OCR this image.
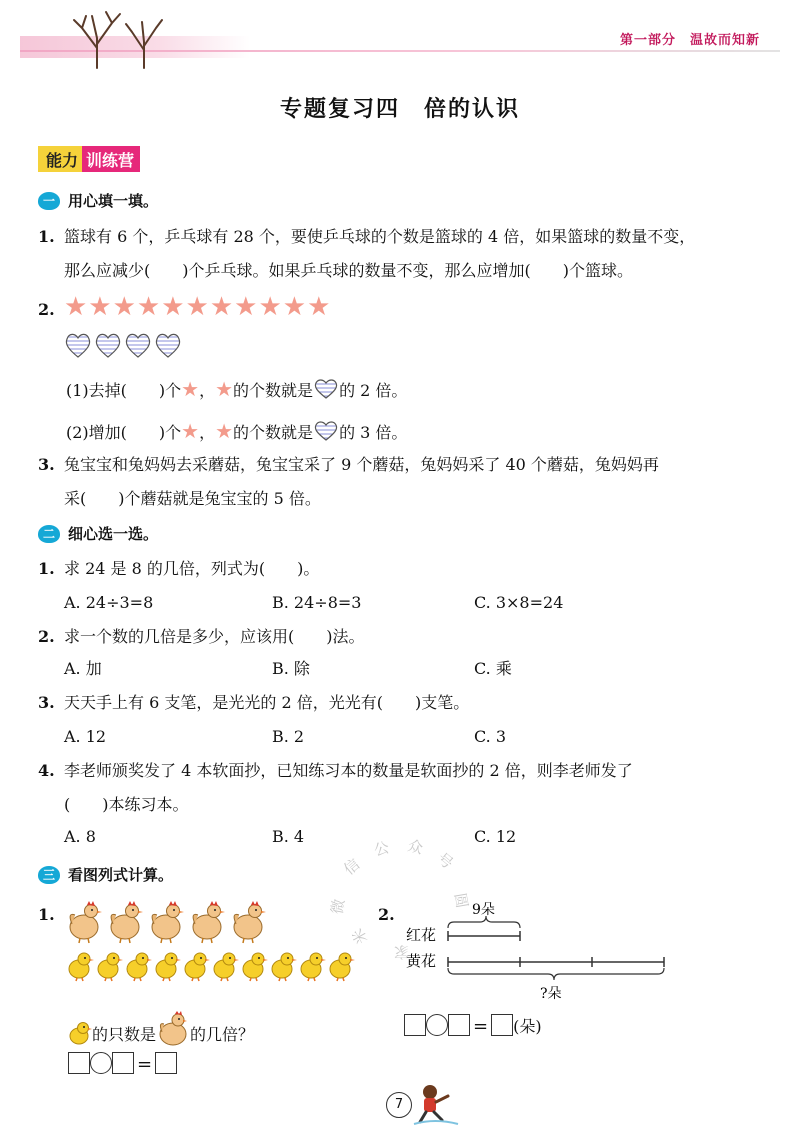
第一部分　温故而知新
专题复习四　倍的认识
能力 训练营
一 用心填一填。
1. 篮球有 6 个，乒乓球有 28 个，要使乒乓球的个数是篮球的 4 倍，如果篮球的数量不变，
那么应减少(　　)个乒乓球。如果乒乓球的数量不变，那么应增加(　　)个篮球。
2. ★★★★★★★★★★★
(1)去掉(　　)个★，★的个数就是 的 2 倍。
(2)增加(　　)个★，★的个数就是 的 3 倍。
3. 兔宝宝和兔妈妈去采蘑菇，兔宝宝采了 9 个蘑菇，兔妈妈采了 40 个蘑菇，兔妈妈再
采(　　)个蘑菇就是兔宝宝的 5 倍。
二 细心选一选。
1. 求 24 是 8 的几倍，列式为(　　)。
A. 24÷3=8	B. 24÷8=3	C. 3×8=24
2. 求一个数的几倍是多少，应该用(　　)法。
A. 加	B. 除	C. 乘
3. 天天手上有 6 支笔，是光光的 2 倍，光光有(　　)支笔。
A. 12	B. 2	C. 3
4. 李老师颁奖发了 4 本软面抄，已知练习本的数量是软面抄的 2 倍，则李老师发了
(　　)本练习本。
A. 8	B. 4	C. 12
三 看图列式计算。
1.
的只数是 的几倍？
=
2.	9朵
红花
黄花
?朵
= (朵)
信
公 众
号
微
米
家
圆
7
